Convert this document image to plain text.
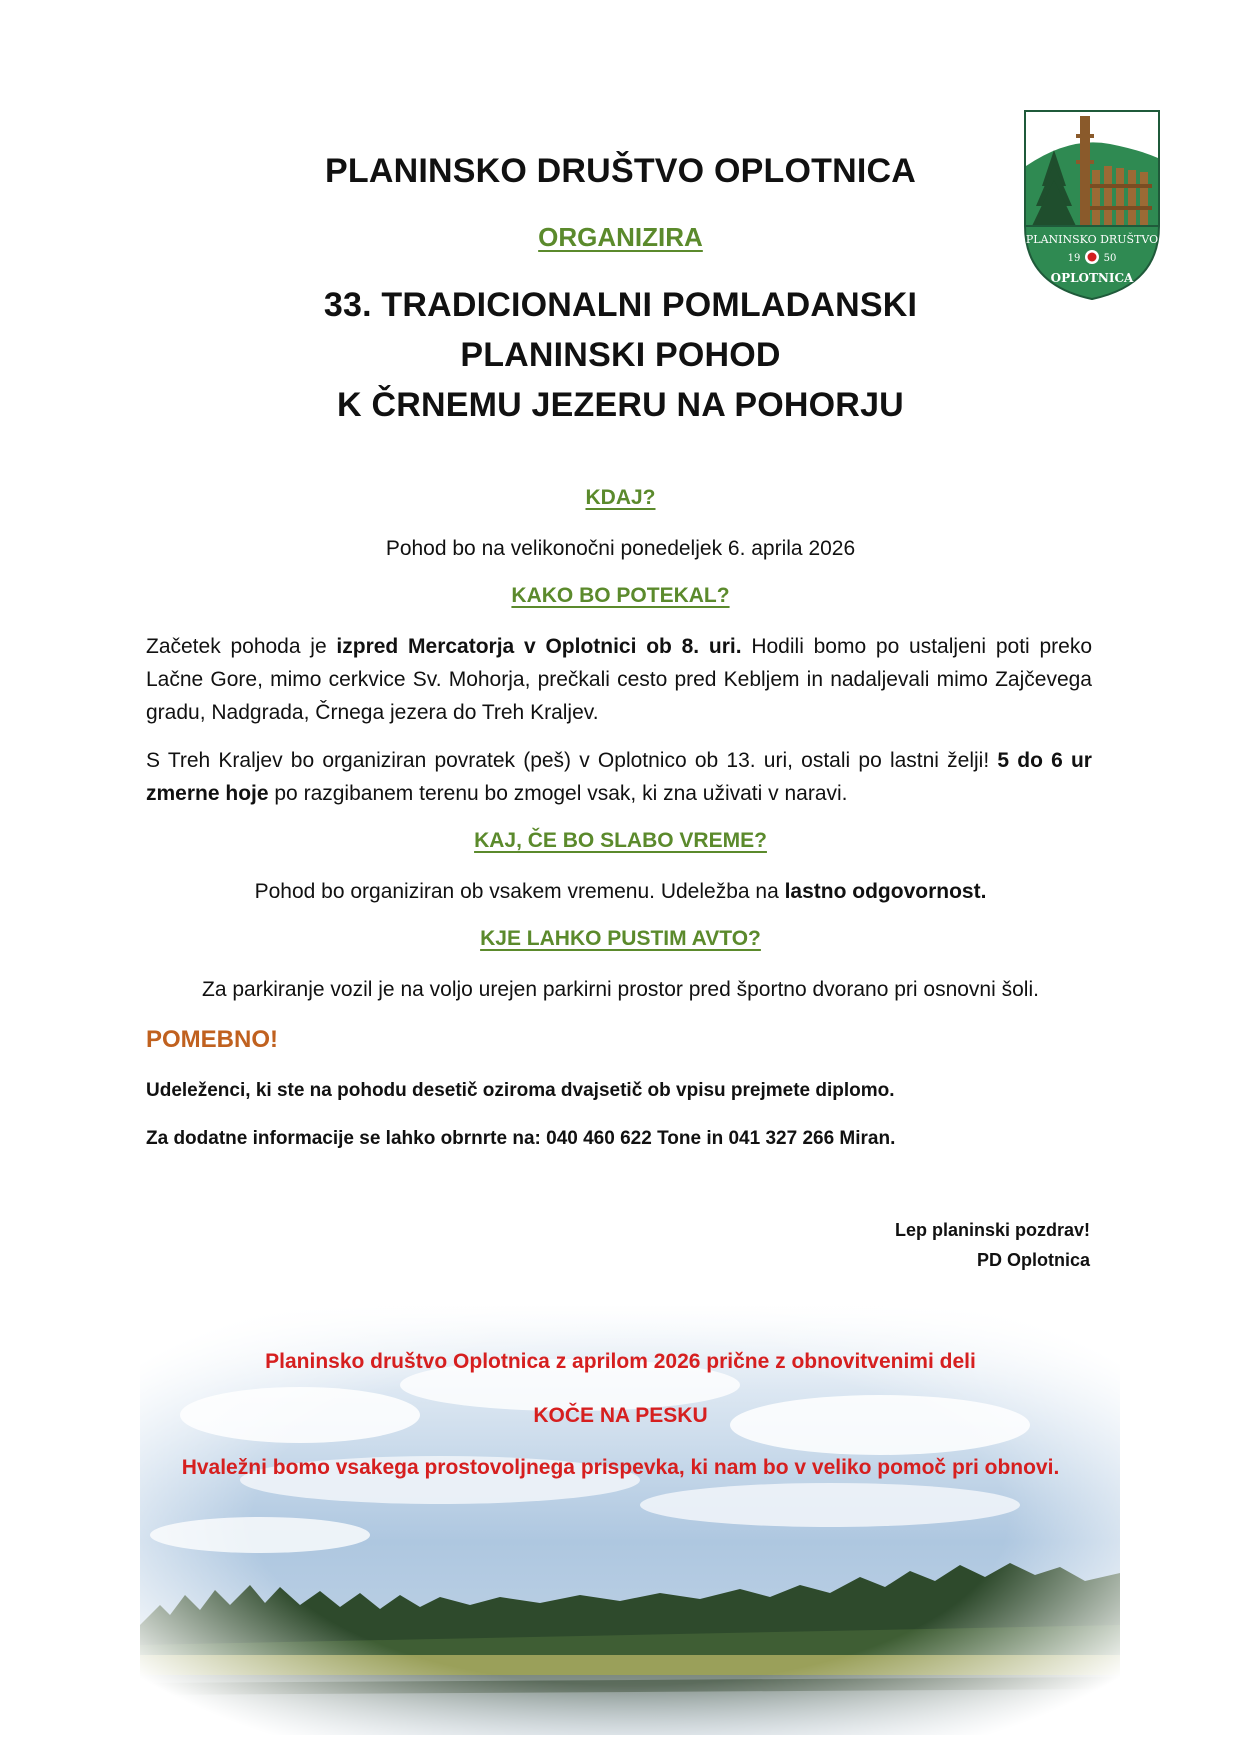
PLANINSKO DRUŠTVO
19 50
OPLOTNICA
PLANINSKO DRUŠTVO OPLOTNICA
ORGANIZIRA
33. TRADICIONALNI POMLADANSKI
PLANINSKI POHOD
K ČRNEMU JEZERU NA POHORJU
KDAJ?
Pohod bo na velikonočni ponedeljek 6. aprila 2026
KAKO BO POTEKAL?
Začetek pohoda je izpred Mercatorja v Oplotnici ob 8. uri. Hodili bomo po ustaljeni poti preko Lačne Gore, mimo cerkvice Sv. Mohorja, prečkali cesto pred Kebljem in nadaljevali mimo Zajčevega gradu, Nadgrada, Črnega jezera do Treh Kraljev.
S Treh Kraljev bo organiziran povratek (peš) v Oplotnico ob 13. uri, ostali po lastni želji! 5 do 6 ur zmerne hoje po razgibanem terenu bo zmogel vsak, ki zna uživati v naravi.
KAJ, ČE BO SLABO VREME?
Pohod bo organiziran ob vsakem vremenu. Udeležba na lastno odgovornost.
KJE LAHKO PUSTIM AVTO?
Za parkiranje vozil je na voljo urejen parkirni prostor pred športno dvorano pri osnovni šoli.
POMEBNO!
Udeleženci, ki ste na pohodu desetič oziroma dvajsetič ob vpisu prejmete diplomo.
Za dodatne informacije se lahko obrnrte na: 040 460 622 Tone in 041 327 266 Miran.
Lep planinski pozdrav!
PD Oplotnica
Planinsko društvo Oplotnica z aprilom 2026 prične z obnovitvenimi deli
KOČE NA PESKU
Hvaležni bomo vsakega prostovoljnega prispevka, ki nam bo v veliko pomoč pri obnovi.
